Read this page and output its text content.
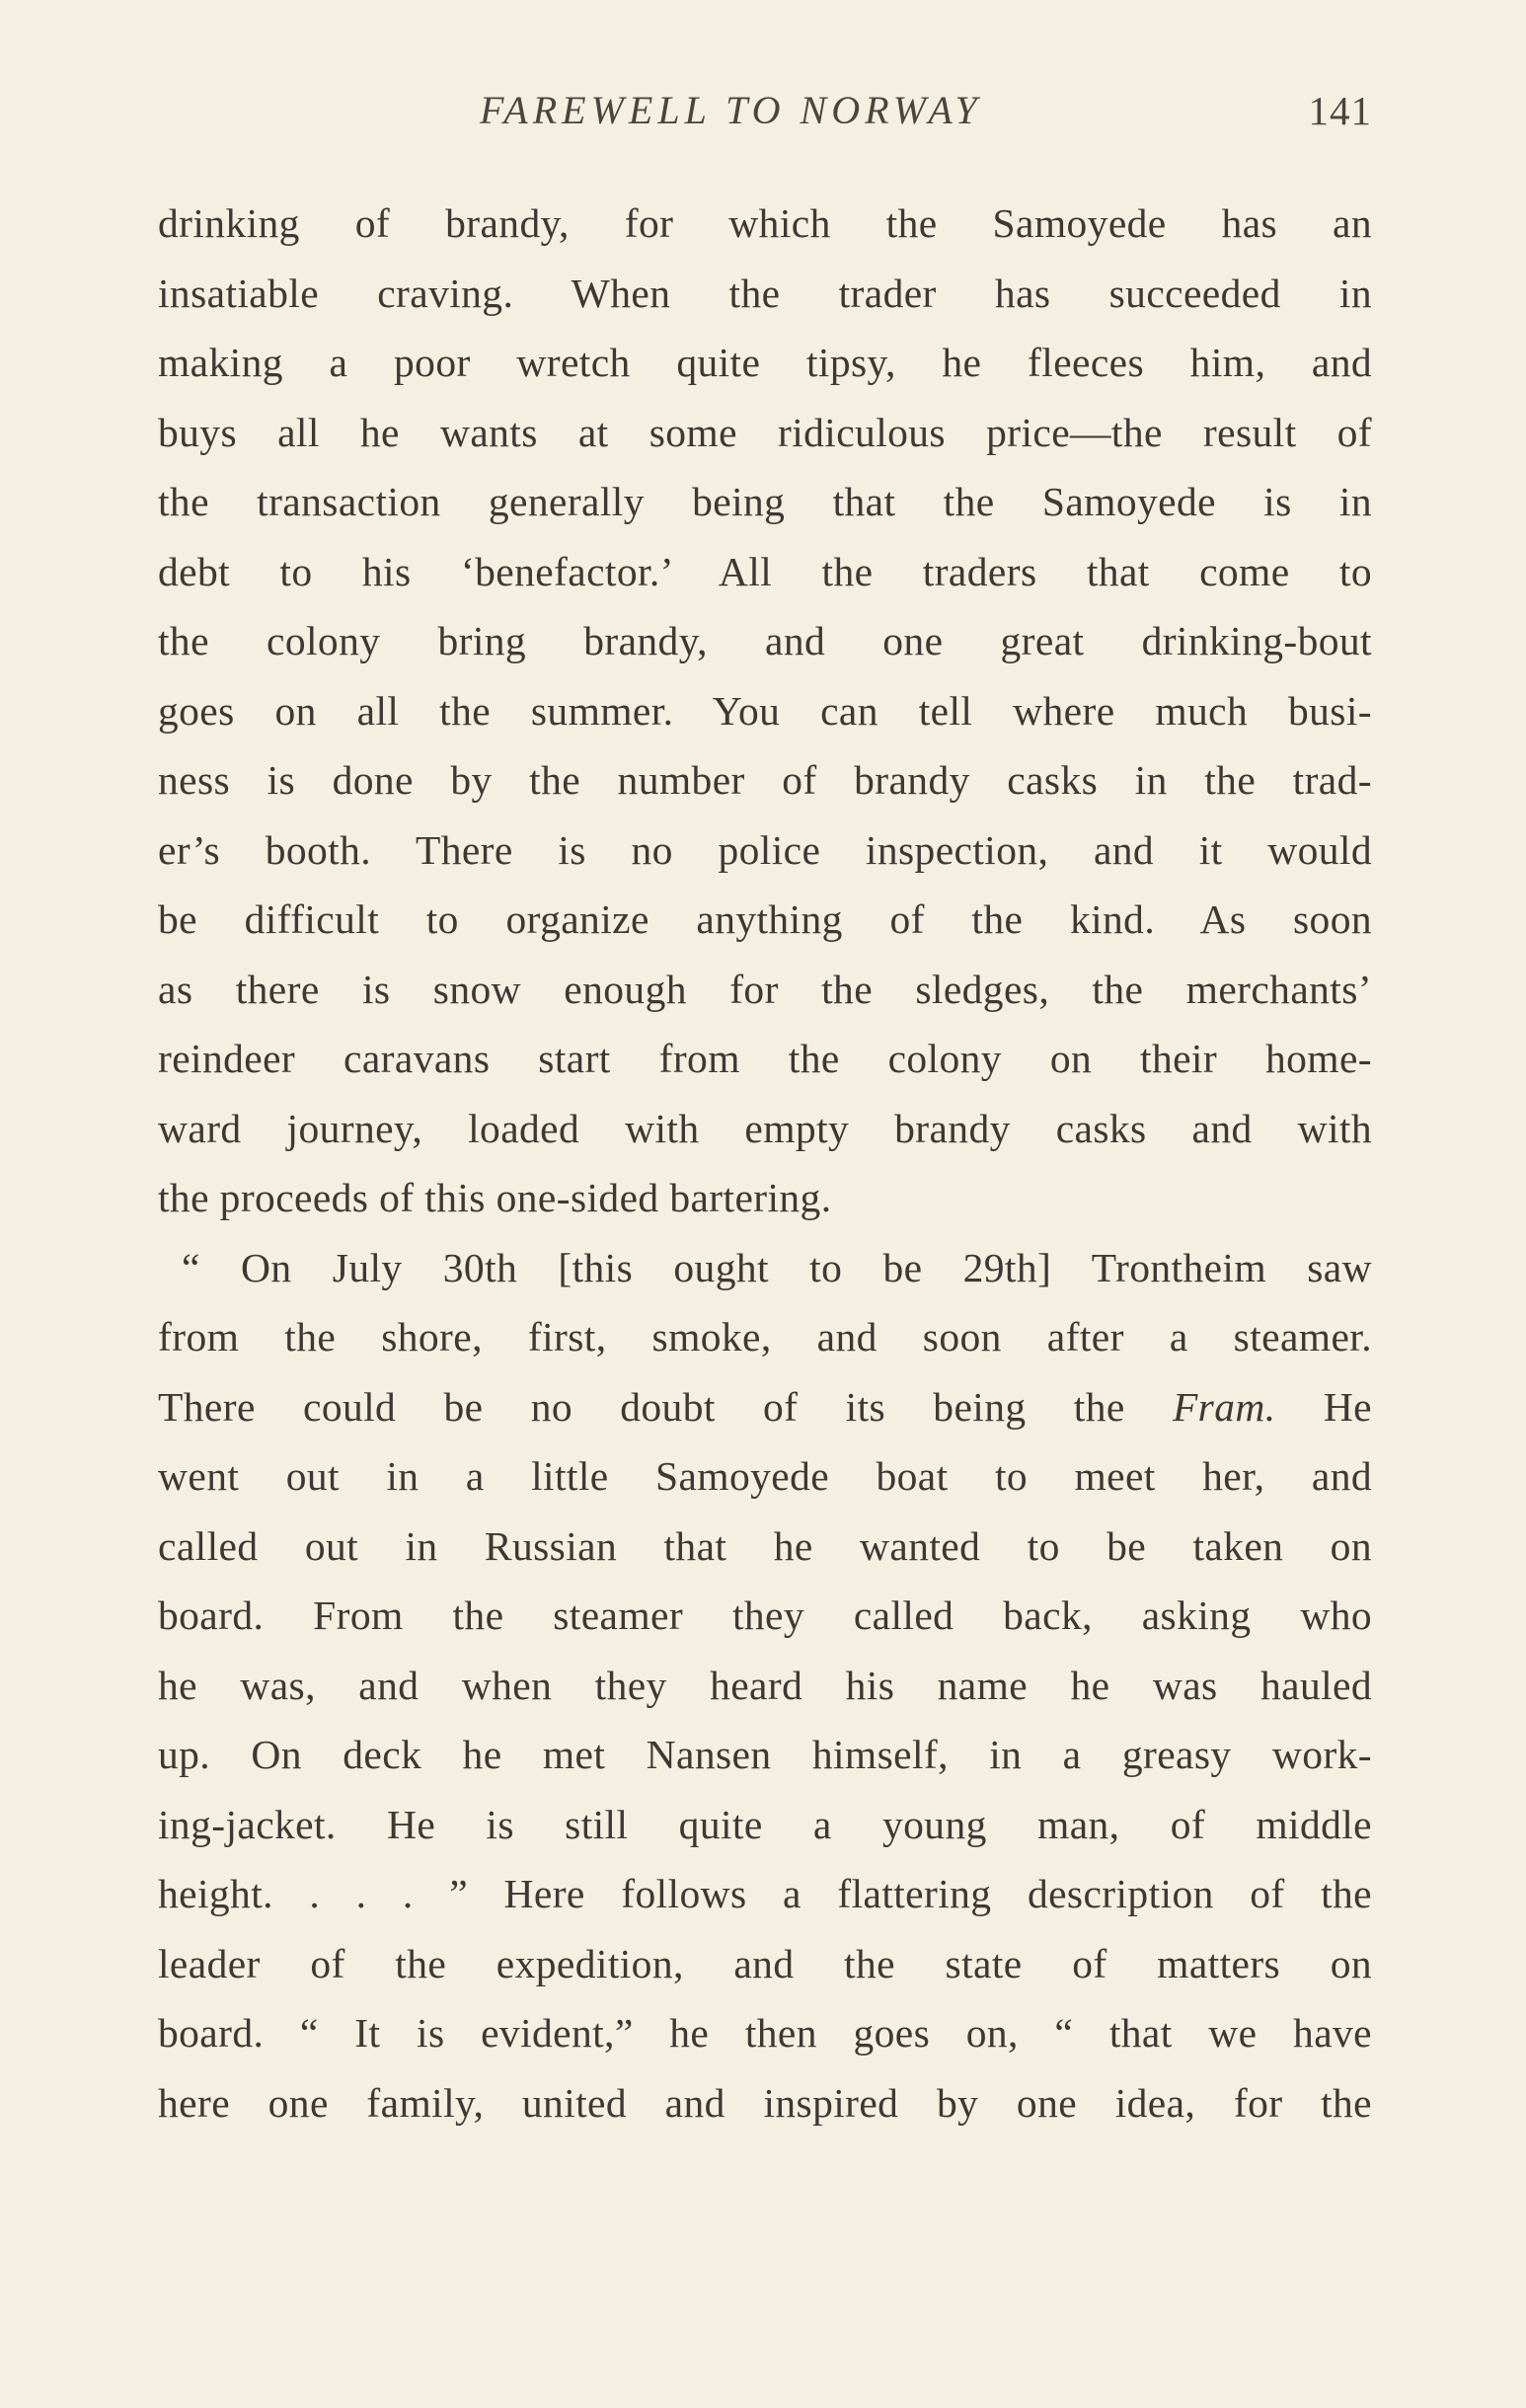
FAREWELL TO NORWAY	141
drinking of brandy, for which the Samoyede has an
insatiable craving. When the trader has succeeded in
making a poor wretch quite tipsy, he fleeces him, and
buys all he wants at some ridiculous price—the result of
the transaction generally being that the Samoyede is in
debt to his ‘benefactor.’ All the traders that come to
the colony bring brandy, and one great drinking-bout
goes on all the summer. You can tell where much busi-
ness is done by the number of brandy casks in the trad-
er’s booth. There is no police inspection, and it would
be difficult to organize anything of the kind. As soon
as there is snow enough for the sledges, the merchants’
reindeer caravans start from the colony on their home-
ward journey, loaded with empty brandy casks and with
the proceeds of this one-sided bartering.
“ On July 30th [this ought to be 29th] Trontheim saw
from the shore, first, smoke, and soon after a steamer.
There could be no doubt of its being the Fram. He
went out in a little Samoyede boat to meet her, and
called out in Russian that he wanted to be taken on
board. From the steamer they called back, asking who
he was, and when they heard his name he was hauled
up. On deck he met Nansen himself, in a greasy work-
ing-jacket. He is still quite a young man, of middle
height. . . . ” Here follows a flattering description of the
leader of the expedition, and the state of matters on
board. “ It is evident,” he then goes on, “ that we have
here one family, united and inspired by one idea, for the
